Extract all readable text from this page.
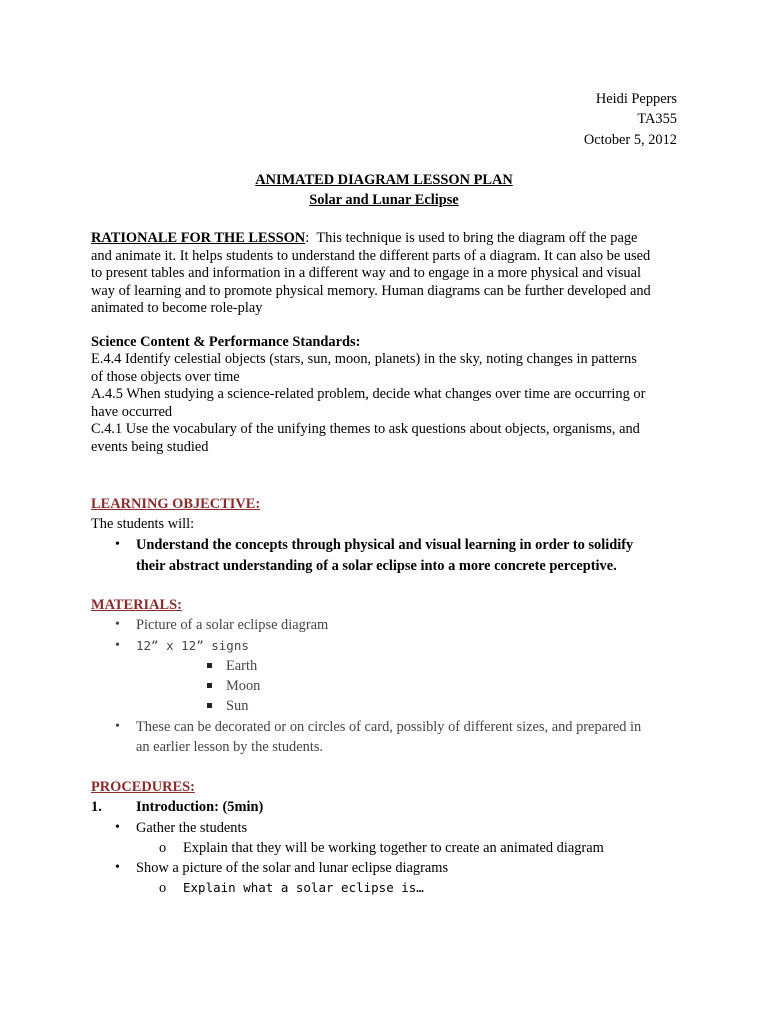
Heidi Peppers
TA355
October 5, 2012
ANIMATED DIAGRAM LESSON PLAN
Solar and Lunar Eclipse
RATIONALE FOR THE LESSON: This technique is used to bring the diagram off the page
and animate it. It helps students to understand the different parts of a diagram. It can also be used
to present tables and information in a different way and to engage in a more physical and visual
way of learning and to promote physical memory. Human diagrams can be further developed and
animated to become role-play
Science Content & Performance Standards:
E.4.4 Identify celestial objects (stars, sun, moon, planets) in the sky, noting changes in patterns
of those objects over time
A.4.5 When studying a science-related problem, decide what changes over time are occurring or
have occurred
C.4.1 Use the vocabulary of the unifying themes to ask questions about objects, organisms, and
events being studied
LEARNING OBJECTIVE:
The students will:
• Understand the concepts through physical and visual learning in order to solidify
their abstract understanding of a solar eclipse into a more concrete perceptive.
MATERIALS:
• Picture of a solar eclipse diagram
• 12” x 12” signs
Earth
Moon
Sun
• These can be decorated or on circles of card, possibly of different sizes, and prepared in
an earlier lesson by the students.
PROCEDURES:
1. Introduction: (5min)
• Gather the students
o Explain that they will be working together to create an animated diagram
• Show a picture of the solar and lunar eclipse diagrams
o Explain what a solar eclipse is…
